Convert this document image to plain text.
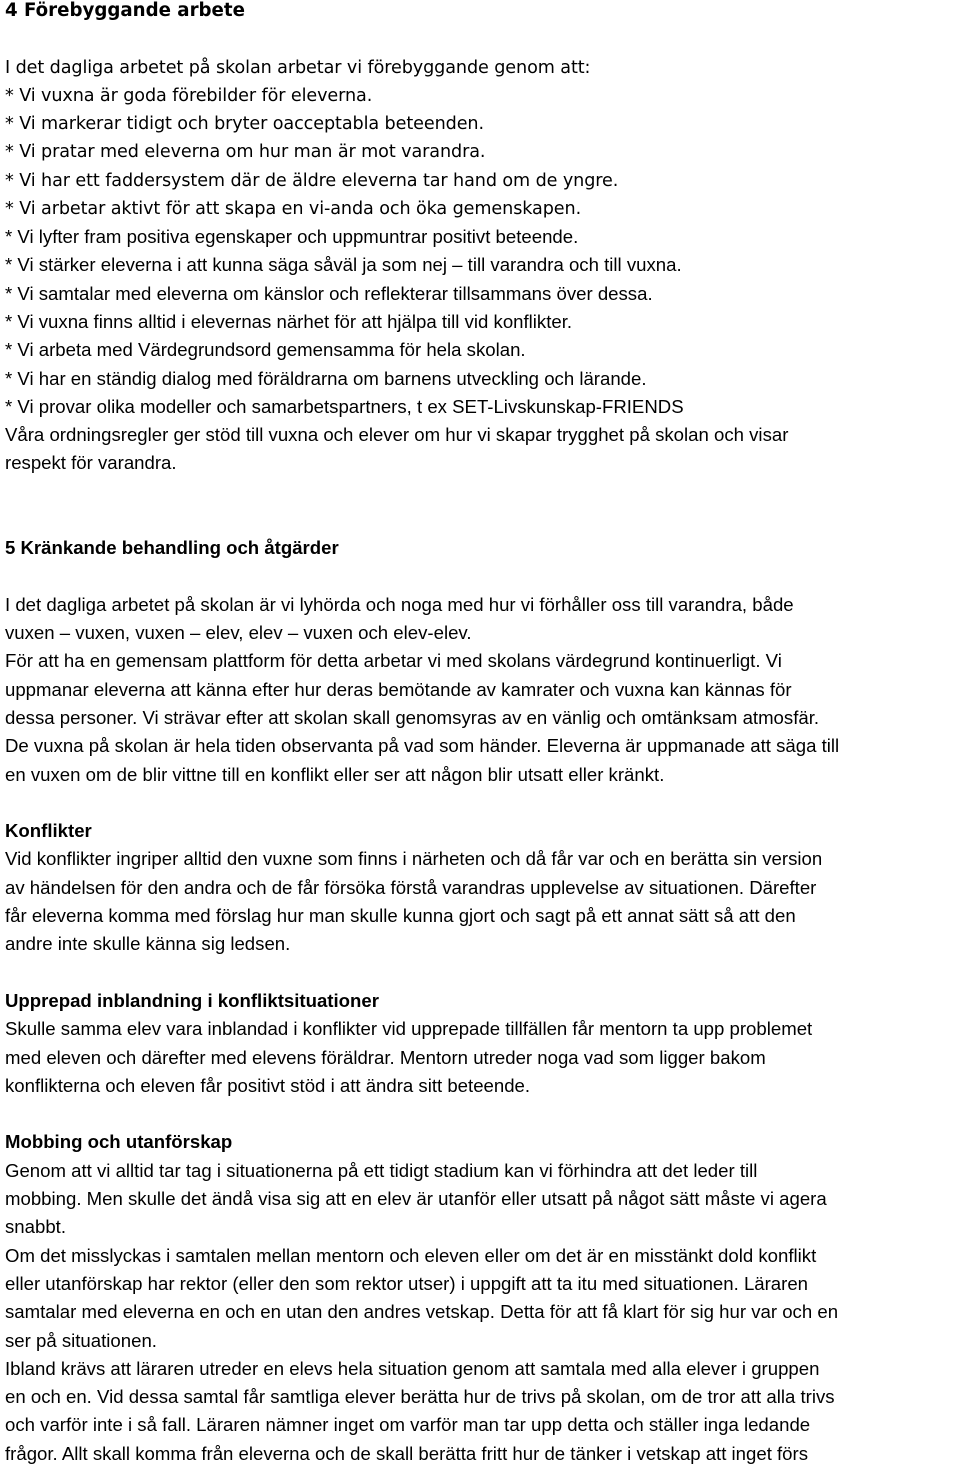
4 Förebyggande arbete
I det dagliga arbetet på skolan arbetar vi förebyggande genom att:
* Vi vuxna är goda förebilder för eleverna.
* Vi markerar tidigt och bryter oacceptabla beteenden.
* Vi pratar med eleverna om hur man är mot varandra.
* Vi har ett faddersystem där de äldre eleverna tar hand om de yngre.
* Vi arbetar aktivt för att skapa en vi-anda och öka gemenskapen.
* Vi lyfter fram positiva egenskaper och uppmuntrar positivt beteende.
* Vi stärker eleverna i att kunna säga såväl ja som nej – till varandra och till vuxna.
* Vi samtalar med eleverna om känslor och reflekterar tillsammans över dessa.
* Vi vuxna finns alltid i elevernas närhet för att hjälpa till vid konflikter.
* Vi arbeta med Värdegrundsord gemensamma för hela skolan.
* Vi har en ständig dialog med föräldrarna om barnens utveckling och lärande.
* Vi provar olika modeller och samarbetspartners, t ex SET-Livskunskap-FRIENDS
Våra ordningsregler ger stöd till vuxna och elever om hur vi skapar trygghet på skolan och visar
respekt för varandra.
5 Kränkande behandling och åtgärder
I det dagliga arbetet på skolan är vi lyhörda och noga med hur vi förhåller oss till varandra, både
vuxen – vuxen, vuxen – elev, elev – vuxen och elev-elev.
För att ha en gemensam plattform för detta arbetar vi med skolans värdegrund kontinuerligt. Vi
uppmanar eleverna att känna efter hur deras bemötande av kamrater och vuxna kan kännas för
dessa personer. Vi strävar efter att skolan skall genomsyras av en vänlig och omtänksam atmosfär.
De vuxna på skolan är hela tiden observanta på vad som händer. Eleverna är uppmanade att säga till
en vuxen om de blir vittne till en konflikt eller ser att någon blir utsatt eller kränkt.
Konflikter
Vid konflikter ingriper alltid den vuxne som finns i närheten och då får var och en berätta sin version
av händelsen för den andra och de får försöka förstå varandras upplevelse av situationen. Därefter
får eleverna komma med förslag hur man skulle kunna gjort och sagt på ett annat sätt så att den
andre inte skulle känna sig ledsen.
Upprepad inblandning i konfliktsituationer
Skulle samma elev vara inblandad i konflikter vid upprepade tillfällen får mentorn ta upp problemet
med eleven och därefter med elevens föräldrar. Mentorn utreder noga vad som ligger bakom
konflikterna och eleven får positivt stöd i att ändra sitt beteende.
Mobbing och utanförskap
Genom att vi alltid tar tag i situationerna på ett tidigt stadium kan vi förhindra att det leder till
mobbing. Men skulle det ändå visa sig att en elev är utanför eller utsatt på något sätt måste vi agera
snabbt.
Om det misslyckas i samtalen mellan mentorn och eleven eller om det är en misstänkt dold konflikt
eller utanförskap har rektor (eller den som rektor utser) i uppgift att ta itu med situationen. Läraren
samtalar med eleverna en och en utan den andres vetskap. Detta för att få klart för sig hur var och en
ser på situationen.
Ibland krävs att läraren utreder en elevs hela situation genom att samtala med alla elever i gruppen
en och en. Vid dessa samtal får samtliga elever berätta hur de trivs på skolan, om de tror att alla trivs
och varför inte i så fall. Läraren nämner inget om varför man tar upp detta och ställer inga ledande
frågor. Allt skall komma från eleverna och de skall berätta fritt hur de tänker i vetskap att inget förs
